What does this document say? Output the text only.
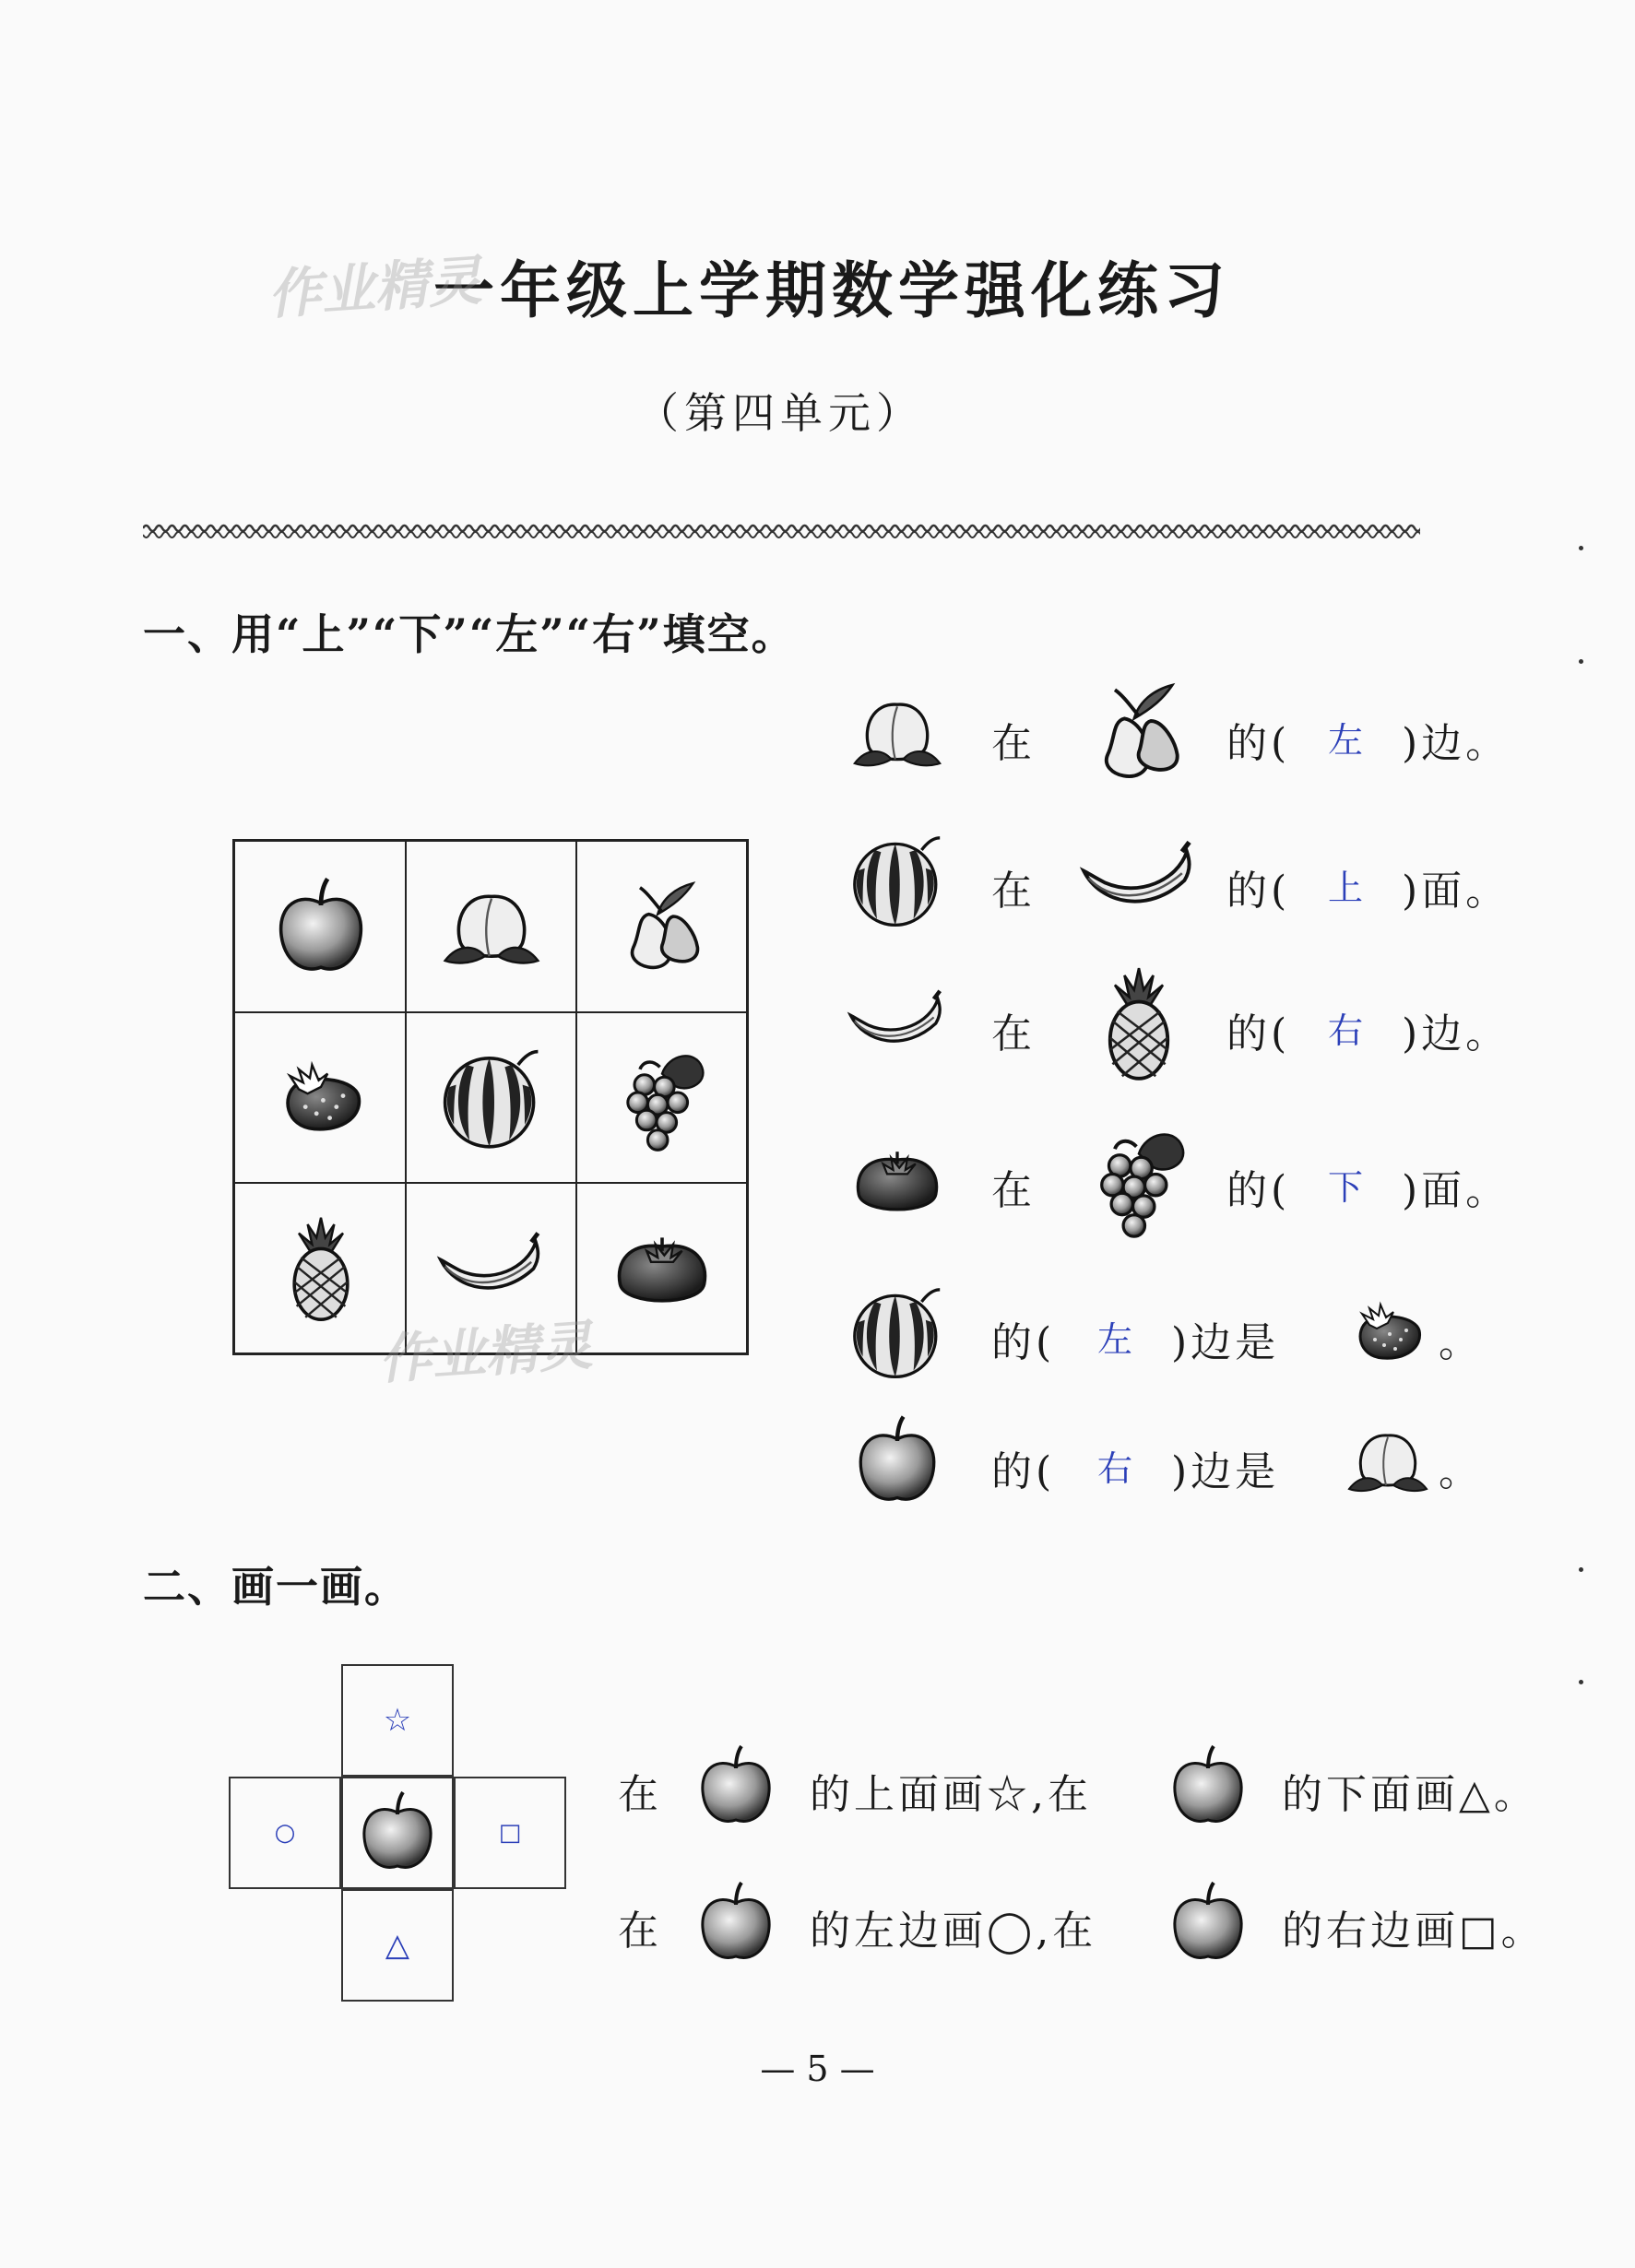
一年级上学期数学强化练习
作业精灵
（第四单元）
一、用“上”“下”“左”“右”填空。
作业精灵
在	的( 左 )边。
在	的( 上 )面。
在	的( 右 )边。
在	的( 下 )面。
的( 左 )边是	。
的( 右 )边是	。
二、画一画。
☆
○	□
△
在	的上面画☆,在	的下面画△。
在	的左边画◯,在	的右边画□。
— 5 —
